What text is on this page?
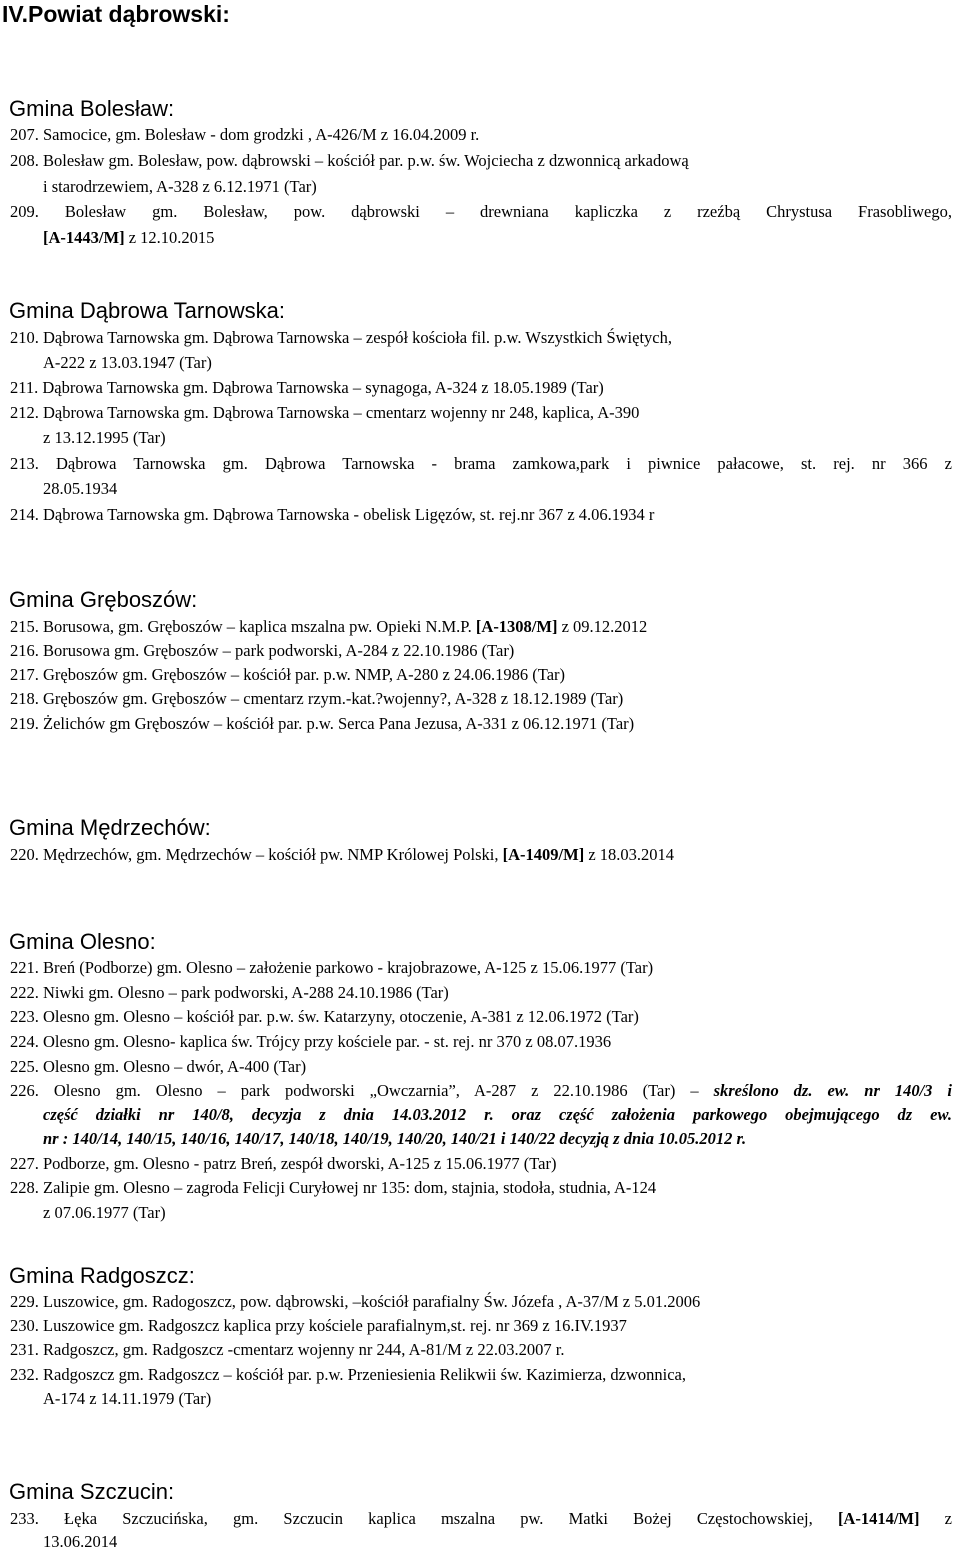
IV.Powiat dąbrowski:
Gmina Bolesław:
207. Samocice, gm. Bolesław - dom grodzki , A-426/M z 16.04.2009 r.
208. Bolesław gm. Bolesław, pow. dąbrowski – kościół par. p.w. św. Wojciecha z dzwonnicą arkadową
i starodrzewiem, A-328 z 6.12.1971 (Tar)
209. Bolesław gm. Bolesław, pow. dąbrowski – drewniana kapliczka z rzeźbą Chrystusa Frasobliwego,
[A-1443/M] z 12.10.2015
Gmina Dąbrowa Tarnowska:
210. Dąbrowa Tarnowska gm. Dąbrowa Tarnowska – zespół kościoła fil. p.w. Wszystkich Świętych,
A-222 z 13.03.1947 (Tar)
211. Dąbrowa Tarnowska gm. Dąbrowa Tarnowska – synagoga, A-324 z 18.05.1989 (Tar)
212. Dąbrowa Tarnowska gm. Dąbrowa Tarnowska – cmentarz wojenny nr 248, kaplica, A-390
z 13.12.1995 (Tar)
213. Dąbrowa Tarnowska gm. Dąbrowa Tarnowska - brama zamkowa,park i piwnice pałacowe, st. rej. nr 366 z
28.05.1934
214. Dąbrowa Tarnowska gm. Dąbrowa Tarnowska - obelisk Ligęzów, st. rej.nr 367 z 4.06.1934 r
Gmina Gręboszów:
215. Borusowa, gm. Gręboszów – kaplica mszalna pw. Opieki N.M.P. [A-1308/M] z 09.12.2012
216. Borusowa gm. Gręboszów – park podworski, A-284 z 22.10.1986 (Tar)
217. Gręboszów gm. Gręboszów – kościół par. p.w. NMP, A-280 z 24.06.1986 (Tar)
218. Gręboszów gm. Gręboszów – cmentarz rzym.-kat.?wojenny?, A-328 z 18.12.1989 (Tar)
219. Żelichów gm Gręboszów – kościół par. p.w. Serca Pana Jezusa, A-331 z 06.12.1971 (Tar)
Gmina Mędrzechów:
220. Mędrzechów, gm. Mędrzechów – kościół pw. NMP Królowej Polski, [A-1409/M] z 18.03.2014
Gmina Olesno:
221. Breń (Podborze) gm. Olesno – założenie parkowo - krajobrazowe, A-125 z 15.06.1977 (Tar)
222. Niwki gm. Olesno – park podworski, A-288 24.10.1986 (Tar)
223. Olesno gm. Olesno – kościół par. p.w. św. Katarzyny, otoczenie, A-381 z 12.06.1972 (Tar)
224. Olesno gm. Olesno- kaplica św. Trójcy przy kościele par. - st. rej. nr 370 z 08.07.1936
225. Olesno gm. Olesno – dwór, A-400 (Tar)
226. Olesno gm. Olesno – park podworski „Owczarnia”, A-287 z 22.10.1986 (Tar) – skreślono dz. ew. nr 140/3 i
część działki nr 140/8, decyzja z dnia 14.03.2012 r. oraz część założenia parkowego obejmującego dz ew.
nr : 140/14, 140/15, 140/16, 140/17, 140/18, 140/19, 140/20, 140/21 i 140/22 decyzją z dnia 10.05.2012 r.
227. Podborze, gm. Olesno - patrz Breń, zespół dworski, A-125 z 15.06.1977 (Tar)
228. Zalipie gm. Olesno – zagroda Felicji Curyłowej nr 135: dom, stajnia, stodoła, studnia, A-124
z 07.06.1977 (Tar)
Gmina Radgoszcz:
229. Luszowice, gm. Radogoszcz, pow. dąbrowski, –kościół parafialny Św. Józefa , A-37/M z 5.01.2006
230. Luszowice gm. Radgoszcz kaplica przy kościele parafialnym,st. rej. nr 369 z 16.IV.1937
231. Radgoszcz, gm. Radgoszcz -cmentarz wojenny nr 244, A-81/M z 22.03.2007 r.
232. Radgoszcz gm. Radgoszcz – kościół par. p.w. Przeniesienia Relikwii św. Kazimierza, dzwonnica,
A-174 z 14.11.1979 (Tar)
Gmina Szczucin:
233. Łęka Szczucińska, gm. Szczucin kaplica mszalna pw. Matki Bożej Częstochowskiej, [A-1414/M] z
13.06.2014
